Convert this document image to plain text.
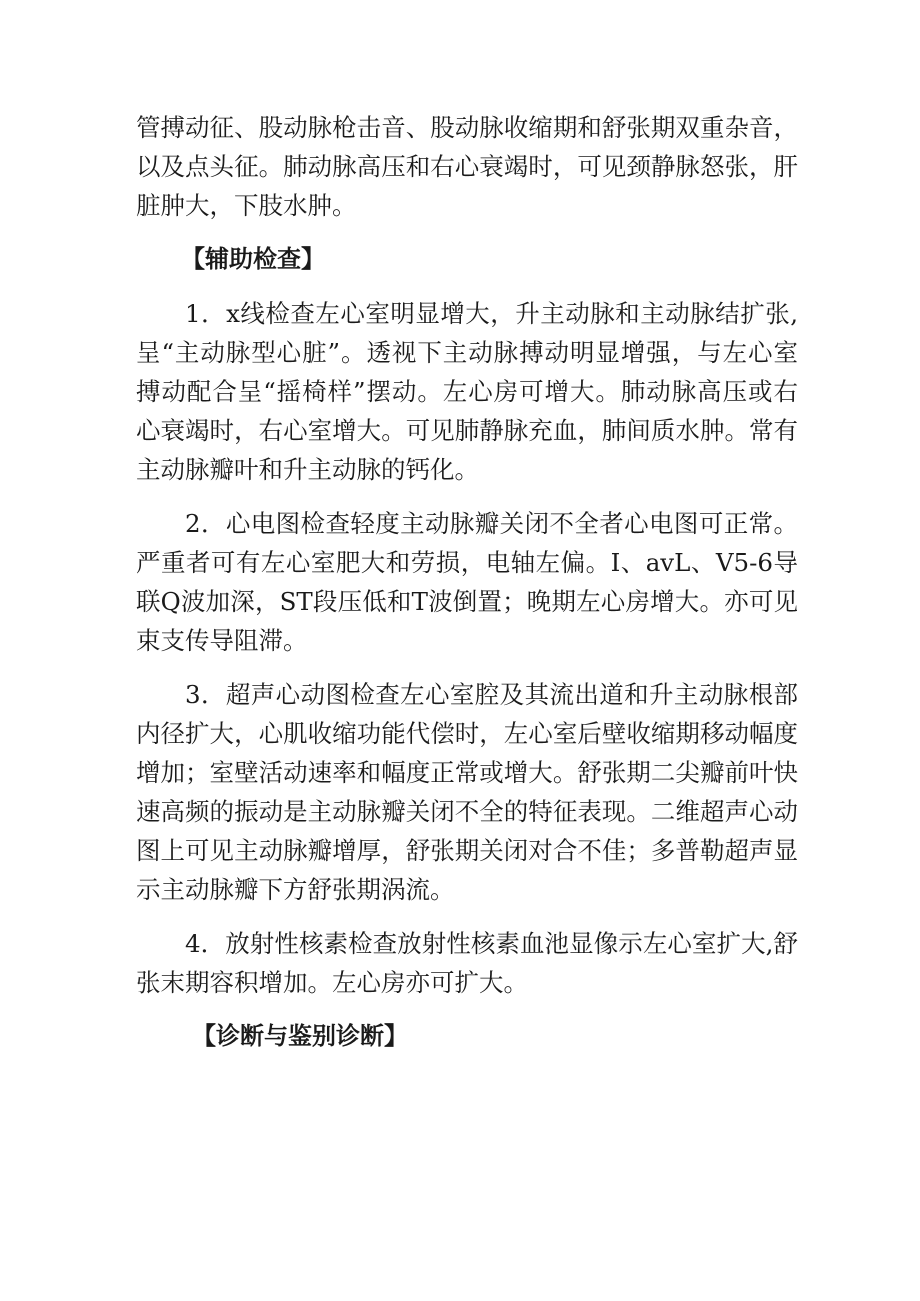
管搏动征、股动脉枪击音、股动脉收缩期和舒张期双重杂音，以及点头征。肺动脉高压和右心衰竭时，可见颈静脉怒张，肝脏肿大，下肢水肿。

【辅助检查】

1．x线检查左心室明显增大，升主动脉和主动脉结扩张,呈“主动脉型心脏”。透视下主动脉搏动明显增强，与左心室搏动配合呈“摇椅样”摆动。左心房可增大。肺动脉高压或右心衰竭时，右心室增大。可见肺静脉充血，肺间质水肿。常有主动脉瓣叶和升主动脉的钙化。

2．心电图检查轻度主动脉瓣关闭不全者心电图可正常。严重者可有左心室肥大和劳损，电轴左偏。I、avL、V5-6导联Q波加深，ST段压低和T波倒置；晚期左心房增大。亦可见束支传导阻滞。

3．超声心动图检查左心室腔及其流出道和升主动脉根部内径扩大，心肌收缩功能代偿时，左心室后壁收缩期移动幅度增加；室壁活动速率和幅度正常或增大。舒张期二尖瓣前叶快速高频的振动是主动脉瓣关闭不全的特征表现。二维超声心动图上可见主动脉瓣增厚，舒张期关闭对合不佳；多普勒超声显示主动脉瓣下方舒张期涡流。

4．放射性核素检查放射性核素血池显像示左心室扩大,舒张末期容积增加。左心房亦可扩大。

【诊断与鉴别诊断】
